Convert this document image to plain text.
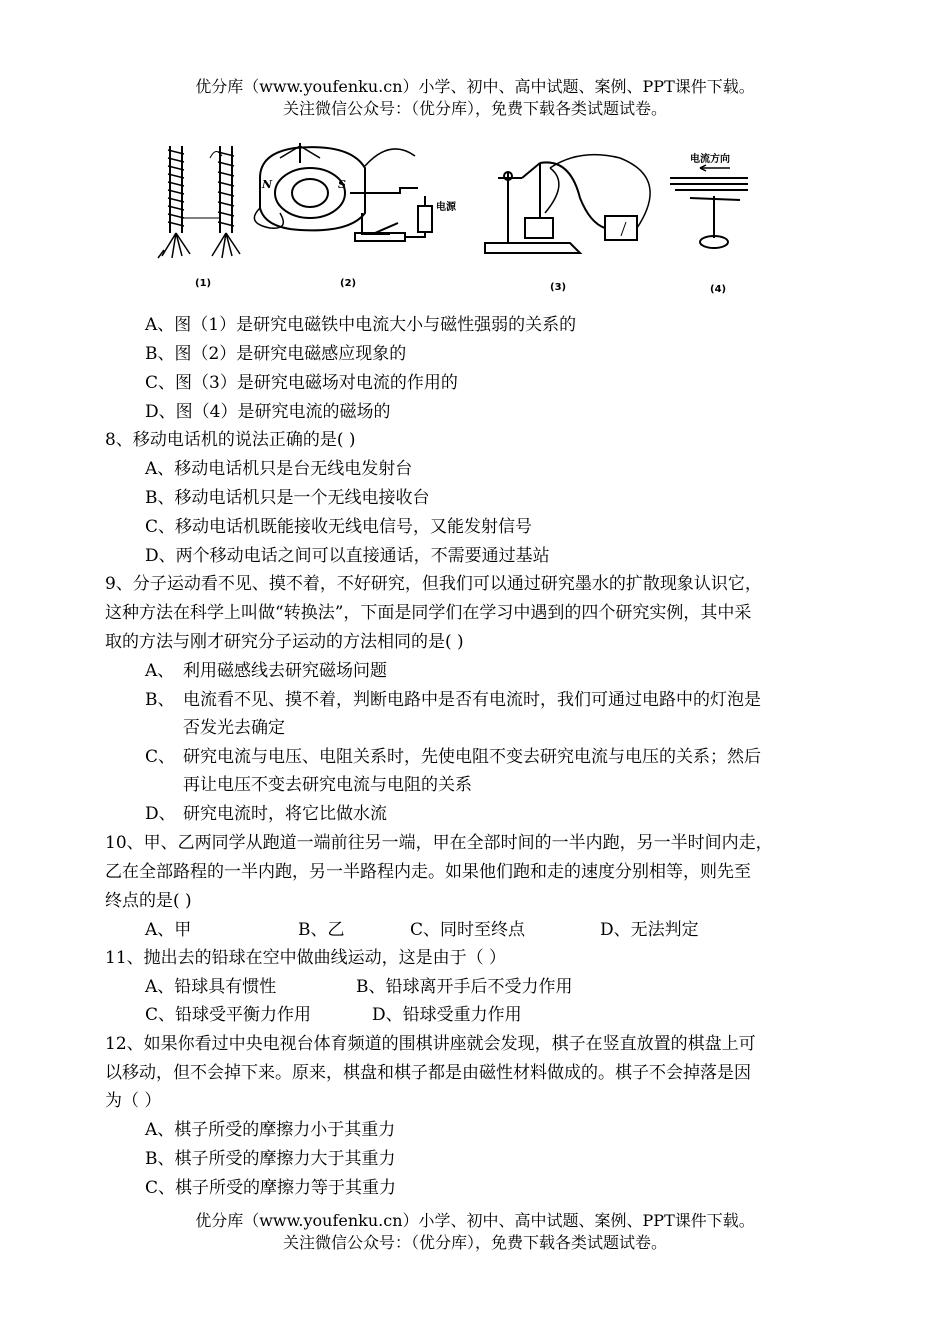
优分库（www.youfenku.cn）小学、初中、高中试题、案例、PPT课件下载。
关注微信公众号：（优分库），免费下载各类试题试卷。
(1)
N	S
电源
(2)	(3)
电流方向
(4)
A、图（1）是研究电磁铁中电流大小与磁性强弱的关系的
B、图（2）是研究电磁感应现象的
C、图（3）是研究电磁场对电流的作用的
D、图（4）是研究电流的磁场的
8、移动电话机的说法正确的是( )
A、移动电话机只是台无线电发射台
B、移动电话机只是一个无线电接收台
C、移动电话机既能接收无线电信号，又能发射信号
D、两个移动电话之间可以直接通话，不需要通过基站
9、分子运动看不见、摸不着，不好研究，但我们可以通过研究墨水的扩散现象认识它，
这种方法在科学上叫做“转换法”，下面是同学们在学习中遇到的四个研究实例，其中采
取的方法与刚才研究分子运动的方法相同的是( )
A、 利用磁感线去研究磁场问题
B、 电流看不见、摸不着，判断电路中是否有电流时，我们可通过电路中的灯泡是
否发光去确定
C、 研究电流与电压、电阻关系时，先使电阻不变去研究电流与电压的关系；然后
再让电压不变去研究电流与电阻的关系
D、 研究电流时，将它比做水流
10、甲、乙两同学从跑道一端前往另一端，甲在全部时间的一半内跑，另一半时间内走，
乙在全部路程的一半内跑，另一半路程内走。如果他们跑和走的速度分别相等，则先至
终点的是( )
A、甲	B、乙	C、同时至终点	D、无法判定
11、抛出去的铅球在空中做曲线运动，这是由于（ ）
A、铅球具有惯性	B、铅球离开手后不受力作用
C、铅球受平衡力作用	D、铅球受重力作用
12、如果你看过中央电视台体育频道的围棋讲座就会发现，棋子在竖直放置的棋盘上可
以移动，但不会掉下来。原来，棋盘和棋子都是由磁性材料做成的。棋子不会掉落是因
为（ ）
A、棋子所受的摩擦力小于其重力
B、棋子所受的摩擦力大于其重力
C、棋子所受的摩擦力等于其重力
优分库（www.youfenku.cn）小学、初中、高中试题、案例、PPT课件下载。
关注微信公众号：（优分库），免费下载各类试题试卷。
